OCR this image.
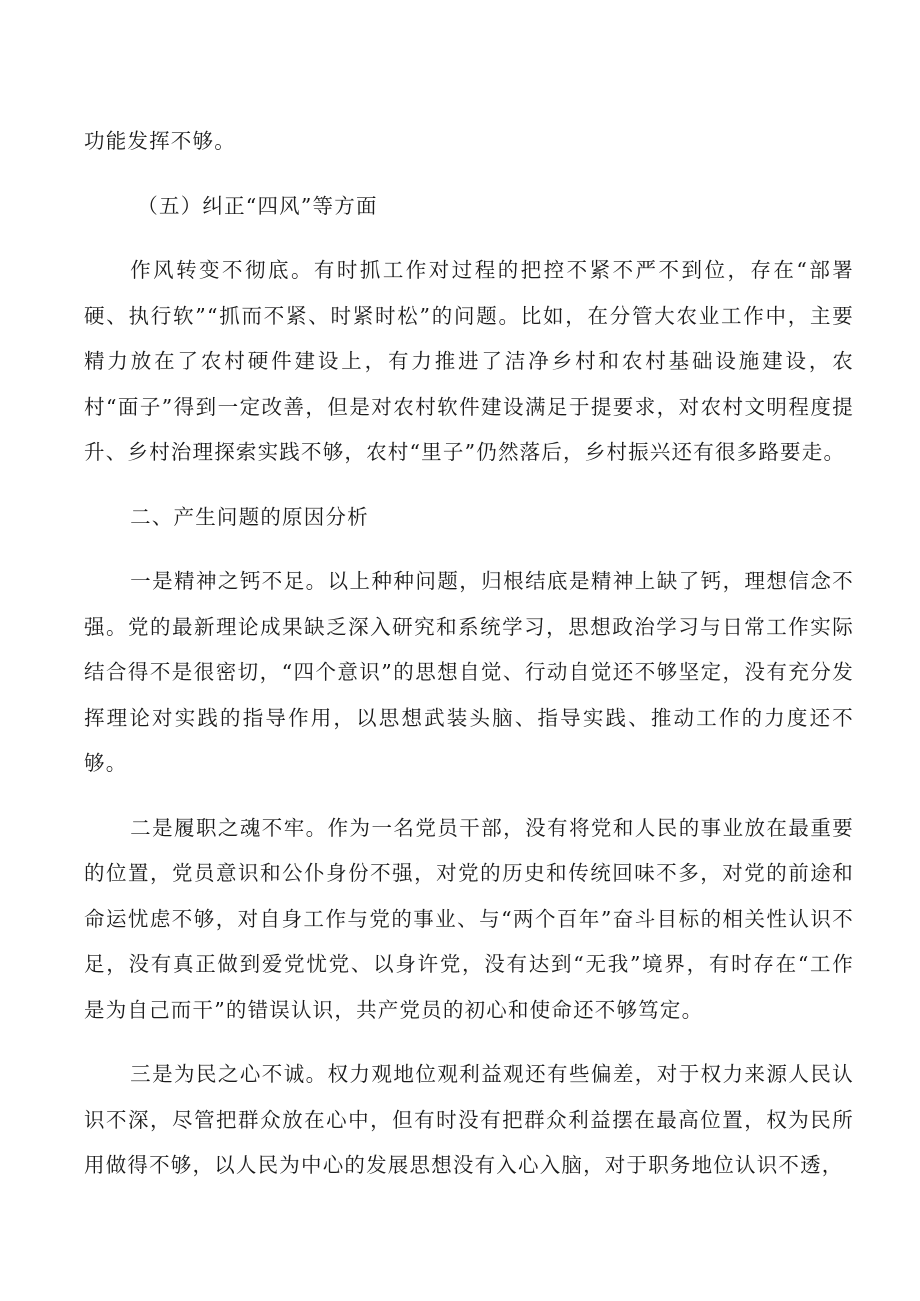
功能发挥不够。

（五）纠正“四风”等方面

作风转变不彻底。有时抓工作对过程的把控不紧不严不到位，存在“部署硬、执行软”“抓而不紧、时紧时松”的问题。比如，在分管大农业工作中，主要精力放在了农村硬件建设上，有力推进了洁净乡村和农村基础设施建设，农村“面子”得到一定改善，但是对农村软件建设满足于提要求，对农村文明程度提升、乡村治理探索实践不够，农村“里子”仍然落后，乡村振兴还有很多路要走。

二、产生问题的原因分析

一是精神之钙不足。以上种种问题，归根结底是精神上缺了钙，理想信念不强。党的最新理论成果缺乏深入研究和系统学习，思想政治学习与日常工作实际结合得不是很密切，“四个意识”的思想自觉、行动自觉还不够坚定，没有充分发挥理论对实践的指导作用，以思想武装头脑、指导实践、推动工作的力度还不够。

二是履职之魂不牢。作为一名党员干部，没有将党和人民的事业放在最重要的位置，党员意识和公仆身份不强，对党的历史和传统回味不多，对党的前途和命运忧虑不够，对自身工作与党的事业、与“两个百年”奋斗目标的相关性认识不足，没有真正做到爱党忧党、以身许党，没有达到“无我”境界，有时存在“工作是为自己而干”的错误认识，共产党员的初心和使命还不够笃定。

三是为民之心不诚。权力观地位观利益观还有些偏差，对于权力来源人民认识不深，尽管把群众放在心中，但有时没有把群众利益摆在最高位置，权为民所用做得不够，以人民为中心的发展思想没有入心入脑，对于职务地位认识不透，
